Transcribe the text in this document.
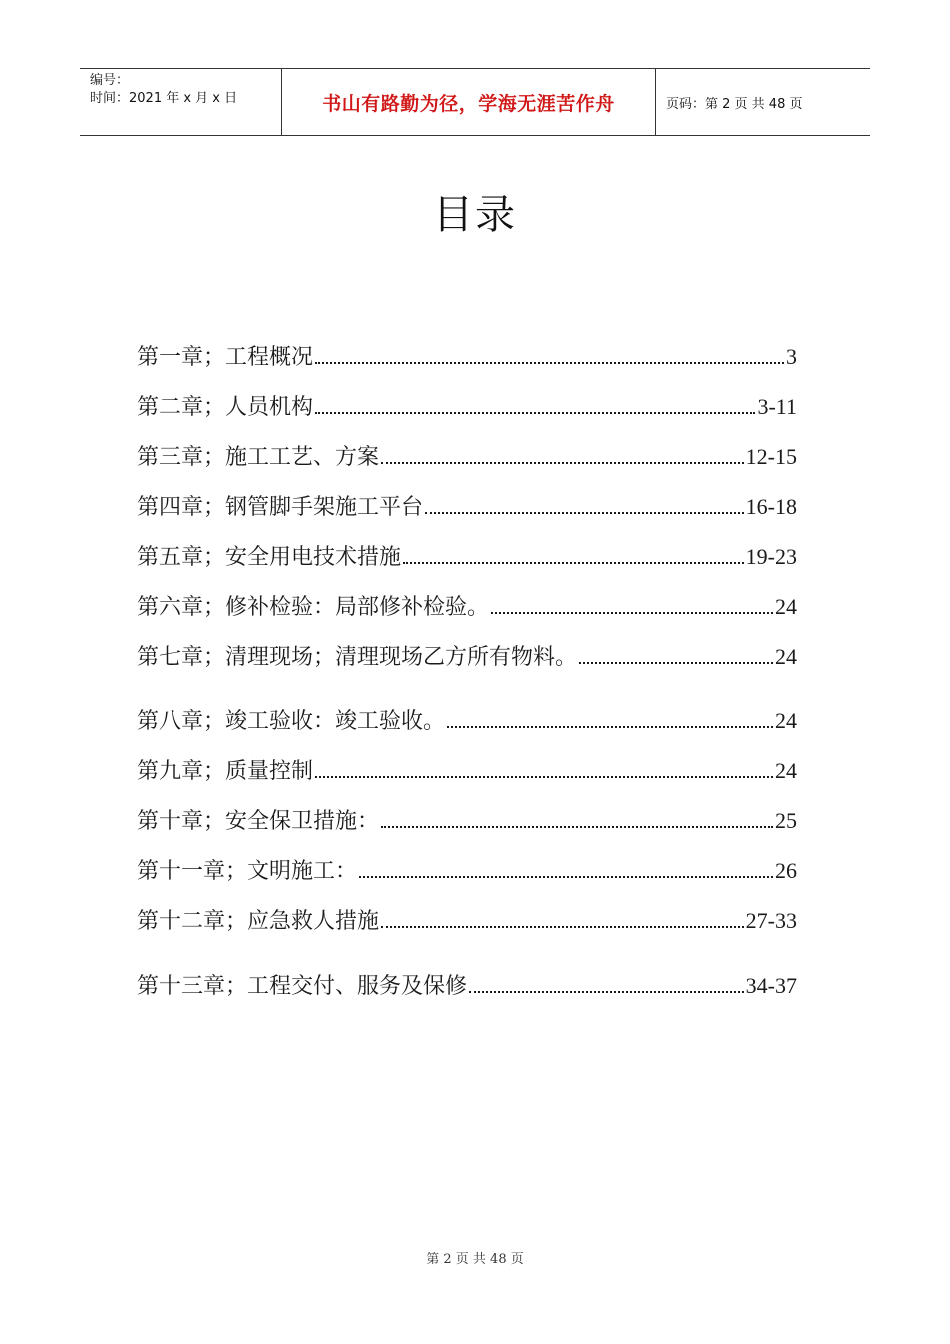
编号：
时间：2021 年 x 月 x 日	书山有路勤为径，学海无涯苦作舟	页码：第 2 页 共 48 页
目录
第一章；工程概况	3
第二章；人员机构	3-11
第三章；施工工艺、方案	12-15
第四章；钢管脚手架施工平台	16-18
第五章；安全用电技术措施	19-23
第六章；修补检验：局部修补检验。	24
第七章；清理现场；清理现场乙方所有物料。	24
第八章；竣工验收：竣工验收。	24
第九章；质量控制	24
第十章；安全保卫措施：	25
第十一章；文明施工：	26
第十二章；应急救人措施	27-33
第十三章；工程交付、服务及保修	34-37
第 2 页 共 48 页
